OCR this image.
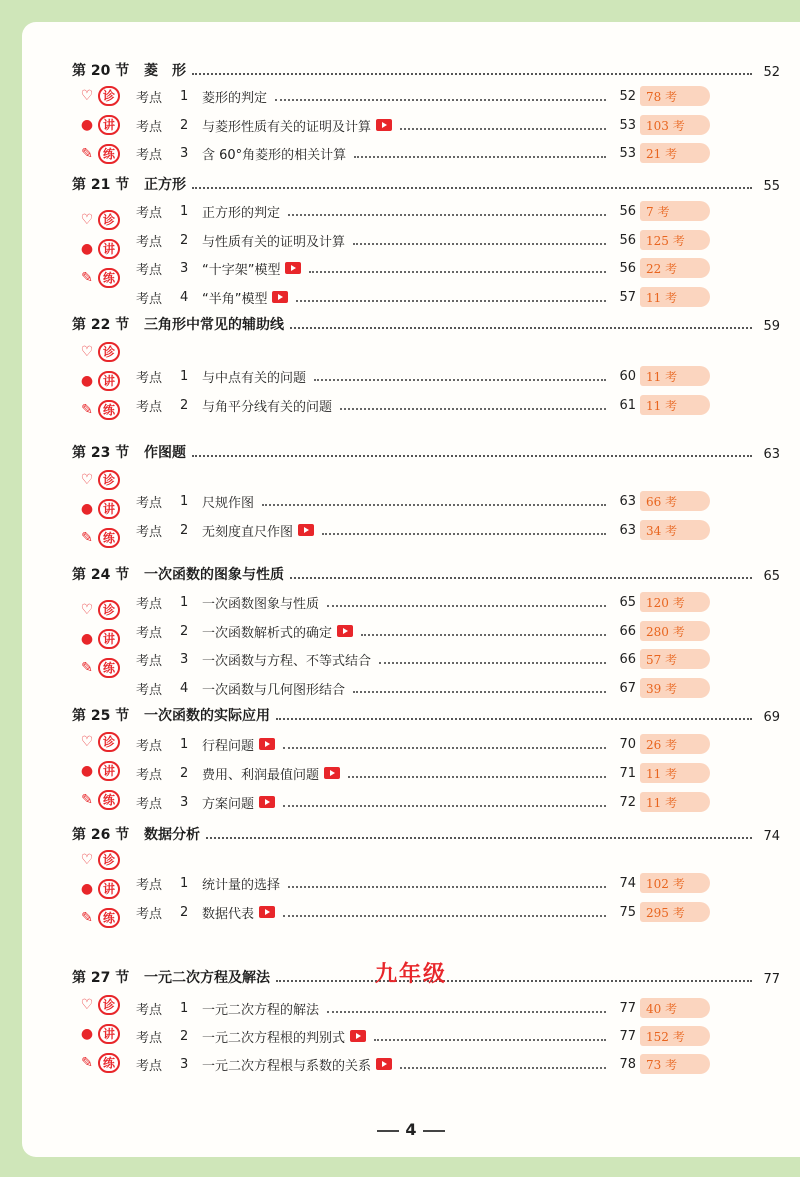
第 20 节	菱　形	52
♡ 诊
● 讲
✎ 练
考点	1	菱形的判定	52 78 考
考点	2	与菱形性质有关的证明及计算	53 103 考
考点	3	含 60°角菱形的相关计算	53 21 考
第 21 节	正方形	55
♡ 诊
● 讲
✎ 练
考点	1	正方形的判定	56 7 考
考点	2	与性质有关的证明及计算	56 125 考
考点	3	“十字架”模型	56 22 考
考点	4	“半角”模型	57 11 考
第 22 节	三角形中常见的辅助线	59
♡ 诊
● 讲
✎ 练
考点	1	与中点有关的问题	60 11 考
考点	2	与角平分线有关的问题	61 11 考
第 23 节	作图题	63
♡ 诊
● 讲
✎ 练
考点	1	尺规作图	63 66 考
考点	2	无刻度直尺作图	63 34 考
第 24 节	一次函数的图象与性质	65
♡ 诊
● 讲
✎ 练
考点	1	一次函数图象与性质	65 120 考
考点	2	一次函数解析式的确定	66 280 考
考点	3	一次函数与方程、不等式结合	66 57 考
考点	4	一次函数与几何图形结合	67 39 考
第 25 节	一次函数的实际应用	69
♡ 诊
● 讲
✎ 练
考点	1	行程问题	70 26 考
考点	2	费用、利润最值问题	71 11 考
考点	3	方案问题	72 11 考
第 26 节	数据分析	74
♡ 诊
● 讲
✎ 练
考点	1	统计量的选择	74 102 考
考点	2	数据代表	75 295 考
第 27 节	一元二次方程及解法	77
♡ 诊
● 讲
✎ 练
考点	1	一元二次方程的解法	77 40 考
考点	2	一元二次方程根的判别式	77 152 考
考点	3	一元二次方程根与系数的关系	78 73 考
九年级
4
